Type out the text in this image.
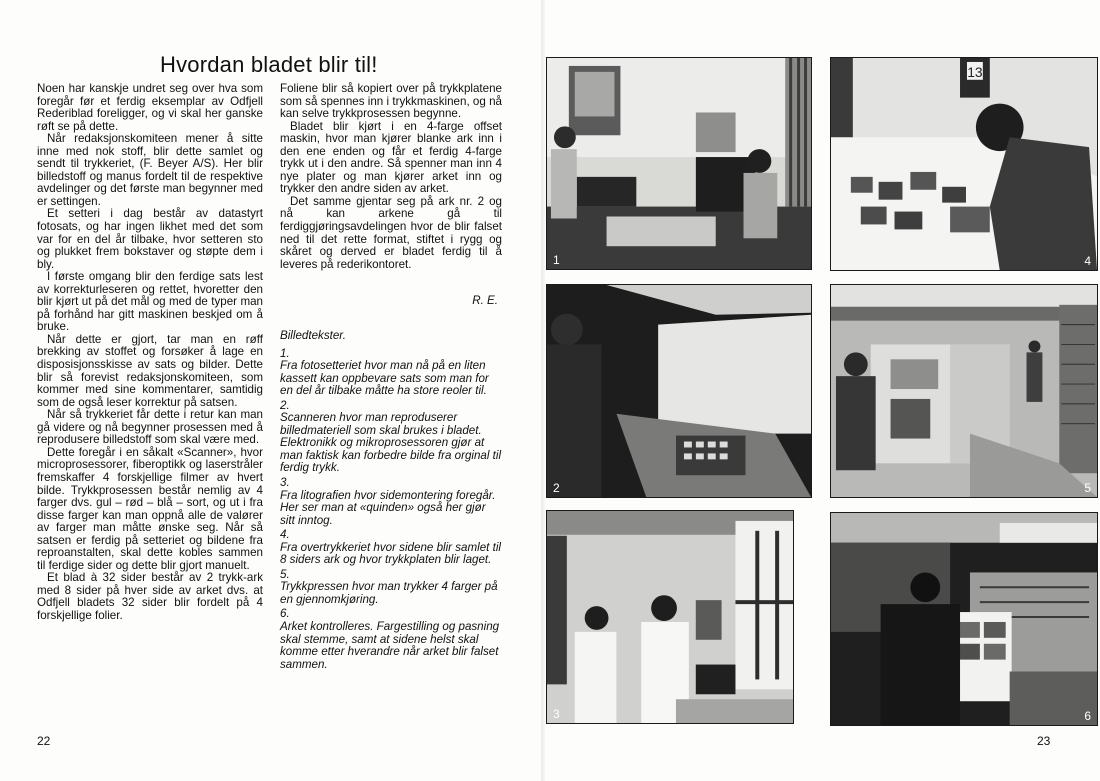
Hvordan bladet blir til!

Noen har kanskje undret seg over hva som foregår før et ferdig eksemplar av Odfjell Rederiblad foreligger, og vi skal her ganske røft se på dette.

Når redaksjonskomiteen mener å sitte inne med nok stoff, blir dette samlet og sendt til trykkeriet, (F. Beyer A/S). Her blir billedstoff og manus fordelt til de respektive avdelinger og det første man begynner med er settingen.

Et setteri i dag består av datastyrt fotosats, og har ingen likhet med det som var for en del år tilbake, hvor setteren sto og plukket frem bokstaver og støpte dem i bly.

I første omgang blir den ferdige sats lest av korrekturleseren og rettet, hvoretter den blir kjørt ut på det mål og med de typer man på forhånd har gitt maskinen beskjed om å bruke.

Når dette er gjort, tar man en røff brekking av stoffet og forsøker å lage en disposisjonsskisse av sats og bilder. Dette blir så forevist redaksjonskomiteen, som kommer med sine kommentarer, samtidig som de også leser korrektur på satsen.

Når så trykkeriet får dette i retur kan man gå videre og nå begynner prosessen med å reprodusere billedstoff som skal være med.

Dette foregår i en såkalt «Scanner», hvor microprosessorer, fiberoptikk og laserstråler fremskaffer 4 forskjellige filmer av hvert bilde. Trykkprosessen består nemlig av 4 farger dvs. gul – rød – blå – sort, og ut i fra disse farger kan man oppnå alle de valører av farger man måtte ønske seg. Når så satsen er ferdig på setteriet og bildene fra reproanstalten, skal dette kobles sammen til ferdige sider og dette blir gjort manuelt.

Et blad à 32 sider består av 2 trykk-ark med 8 sider på hver side av arket dvs. at Odfjell bladets 32 sider blir fordelt på 4 forskjellige folier.

Foliene blir så kopiert over på trykkplatene som så spennes inn i trykkmaskinen, og nå kan selve trykkprosessen begynne.

Bladet blir kjørt i en 4-farge offset maskin, hvor man kjører blanke ark inn i den ene enden og får et ferdig 4-farge trykk ut i den andre. Så spenner man inn 4 nye plater og man kjører arket inn og trykker den andre siden av arket.

Det samme gjentar seg på ark nr. 2 og nå kan arkene gå til ferdiggjøringsavdelingen hvor de blir falset ned til det rette format, stiftet i rygg og skåret og derved er bladet ferdig til å leveres på rederikontoret.

R. E.
Billedtekster.
1.
Fra fotosetteriet hvor man nå på en liten kassett kan oppbevare sats som man for en del år tilbake måtte ha store reoler til.
2.
Scanneren hvor man reproduserer billedmateriell som skal brukes i bladet. Elektronikk og mikroprosessoren gjør at man faktisk kan forbedre bilde fra orginal til ferdig trykk.
3.
Fra litografien hvor sidemontering foregår. Her ser man at «quinden» også her gjør sitt inntog.
4.
Fra overtrykkeriet hvor sidene blir samlet til 8 siders ark og hvor trykkplaten blir laget.
5.
Trykkpressen hvor man trykker 4 farger på en gjennomkjøring.
6.
Arket kontrolleres. Fargestilling og pasning skal stemme, samt at sidene helst skal komme etter hverandre når arket blir falset sammen.
22
1
13
4
2	5
3	6
23
